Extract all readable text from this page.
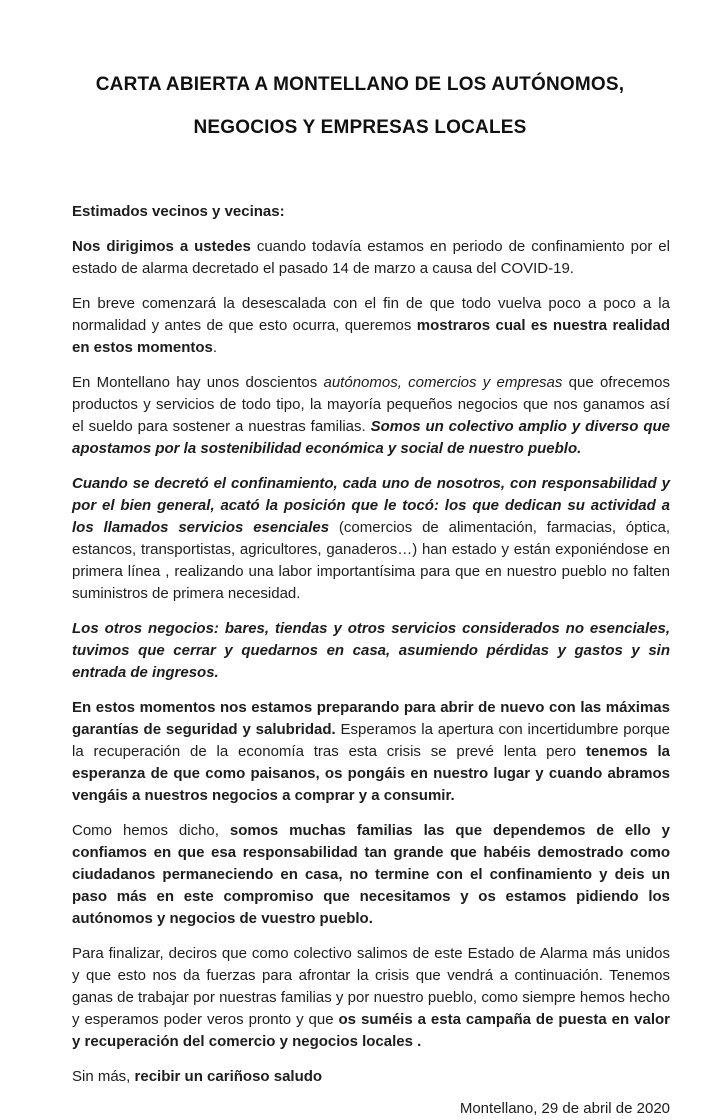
CARTA ABIERTA A MONTELLANO DE LOS AUTÓNOMOS,
NEGOCIOS Y EMPRESAS LOCALES

Estimados vecinos y vecinas:

Nos dirigimos a ustedes cuando todavía estamos en periodo de confinamiento por el estado de alarma decretado el pasado 14 de marzo a causa del COVID-19.

En breve comenzará la desescalada con el fin de que todo vuelva poco a poco a la normalidad y antes de que esto ocurra, queremos mostraros cual es nuestra realidad en estos momentos.

En Montellano hay unos doscientos autónomos, comercios y empresas que ofrecemos productos y servicios de todo tipo, la mayoría pequeños negocios que nos ganamos así el sueldo para sostener a nuestras familias. Somos un colectivo amplio y diverso que apostamos por la sostenibilidad económica y social de nuestro pueblo.

Cuando se decretó el confinamiento, cada uno de nosotros, con responsabilidad y por el bien general, acató la posición que le tocó: los que dedican su actividad a los llamados servicios esenciales (comercios de alimentación, farmacias, óptica, estancos, transportistas, agricultores, ganaderos…) han estado y están exponiéndose en primera línea , realizando una labor importantísima para que en nuestro pueblo no falten suministros de primera necesidad.

Los otros negocios: bares, tiendas y otros servicios considerados no esenciales, tuvimos que cerrar y quedarnos en casa, asumiendo pérdidas y gastos y sin entrada de ingresos.

En estos momentos nos estamos preparando para abrir de nuevo con las máximas garantías de seguridad y salubridad. Esperamos la apertura con incertidumbre porque la recuperación de la economía tras esta crisis se prevé lenta pero tenemos la esperanza de que como paisanos, os pongáis en nuestro lugar y cuando abramos vengáis a nuestros negocios a comprar y a consumir.

Como hemos dicho, somos muchas familias las que dependemos de ello y confiamos en que esa responsabilidad tan grande que habéis demostrado como ciudadanos permaneciendo en casa, no termine con el confinamiento y deis un paso más en este compromiso que necesitamos y os estamos pidiendo los autónomos y negocios de vuestro pueblo.

Para finalizar, deciros que como colectivo salimos de este Estado de Alarma más unidos y que esto nos da fuerzas para afrontar la crisis que vendrá a continuación. Tenemos ganas de trabajar por nuestras familias y por nuestro pueblo, como siempre hemos hecho y esperamos poder veros pronto y que os suméis a esta campaña de puesta en valor y recuperación del comercio y negocios locales .

Sin más, recibir un cariñoso saludo

Montellano, 29 de abril de 2020
